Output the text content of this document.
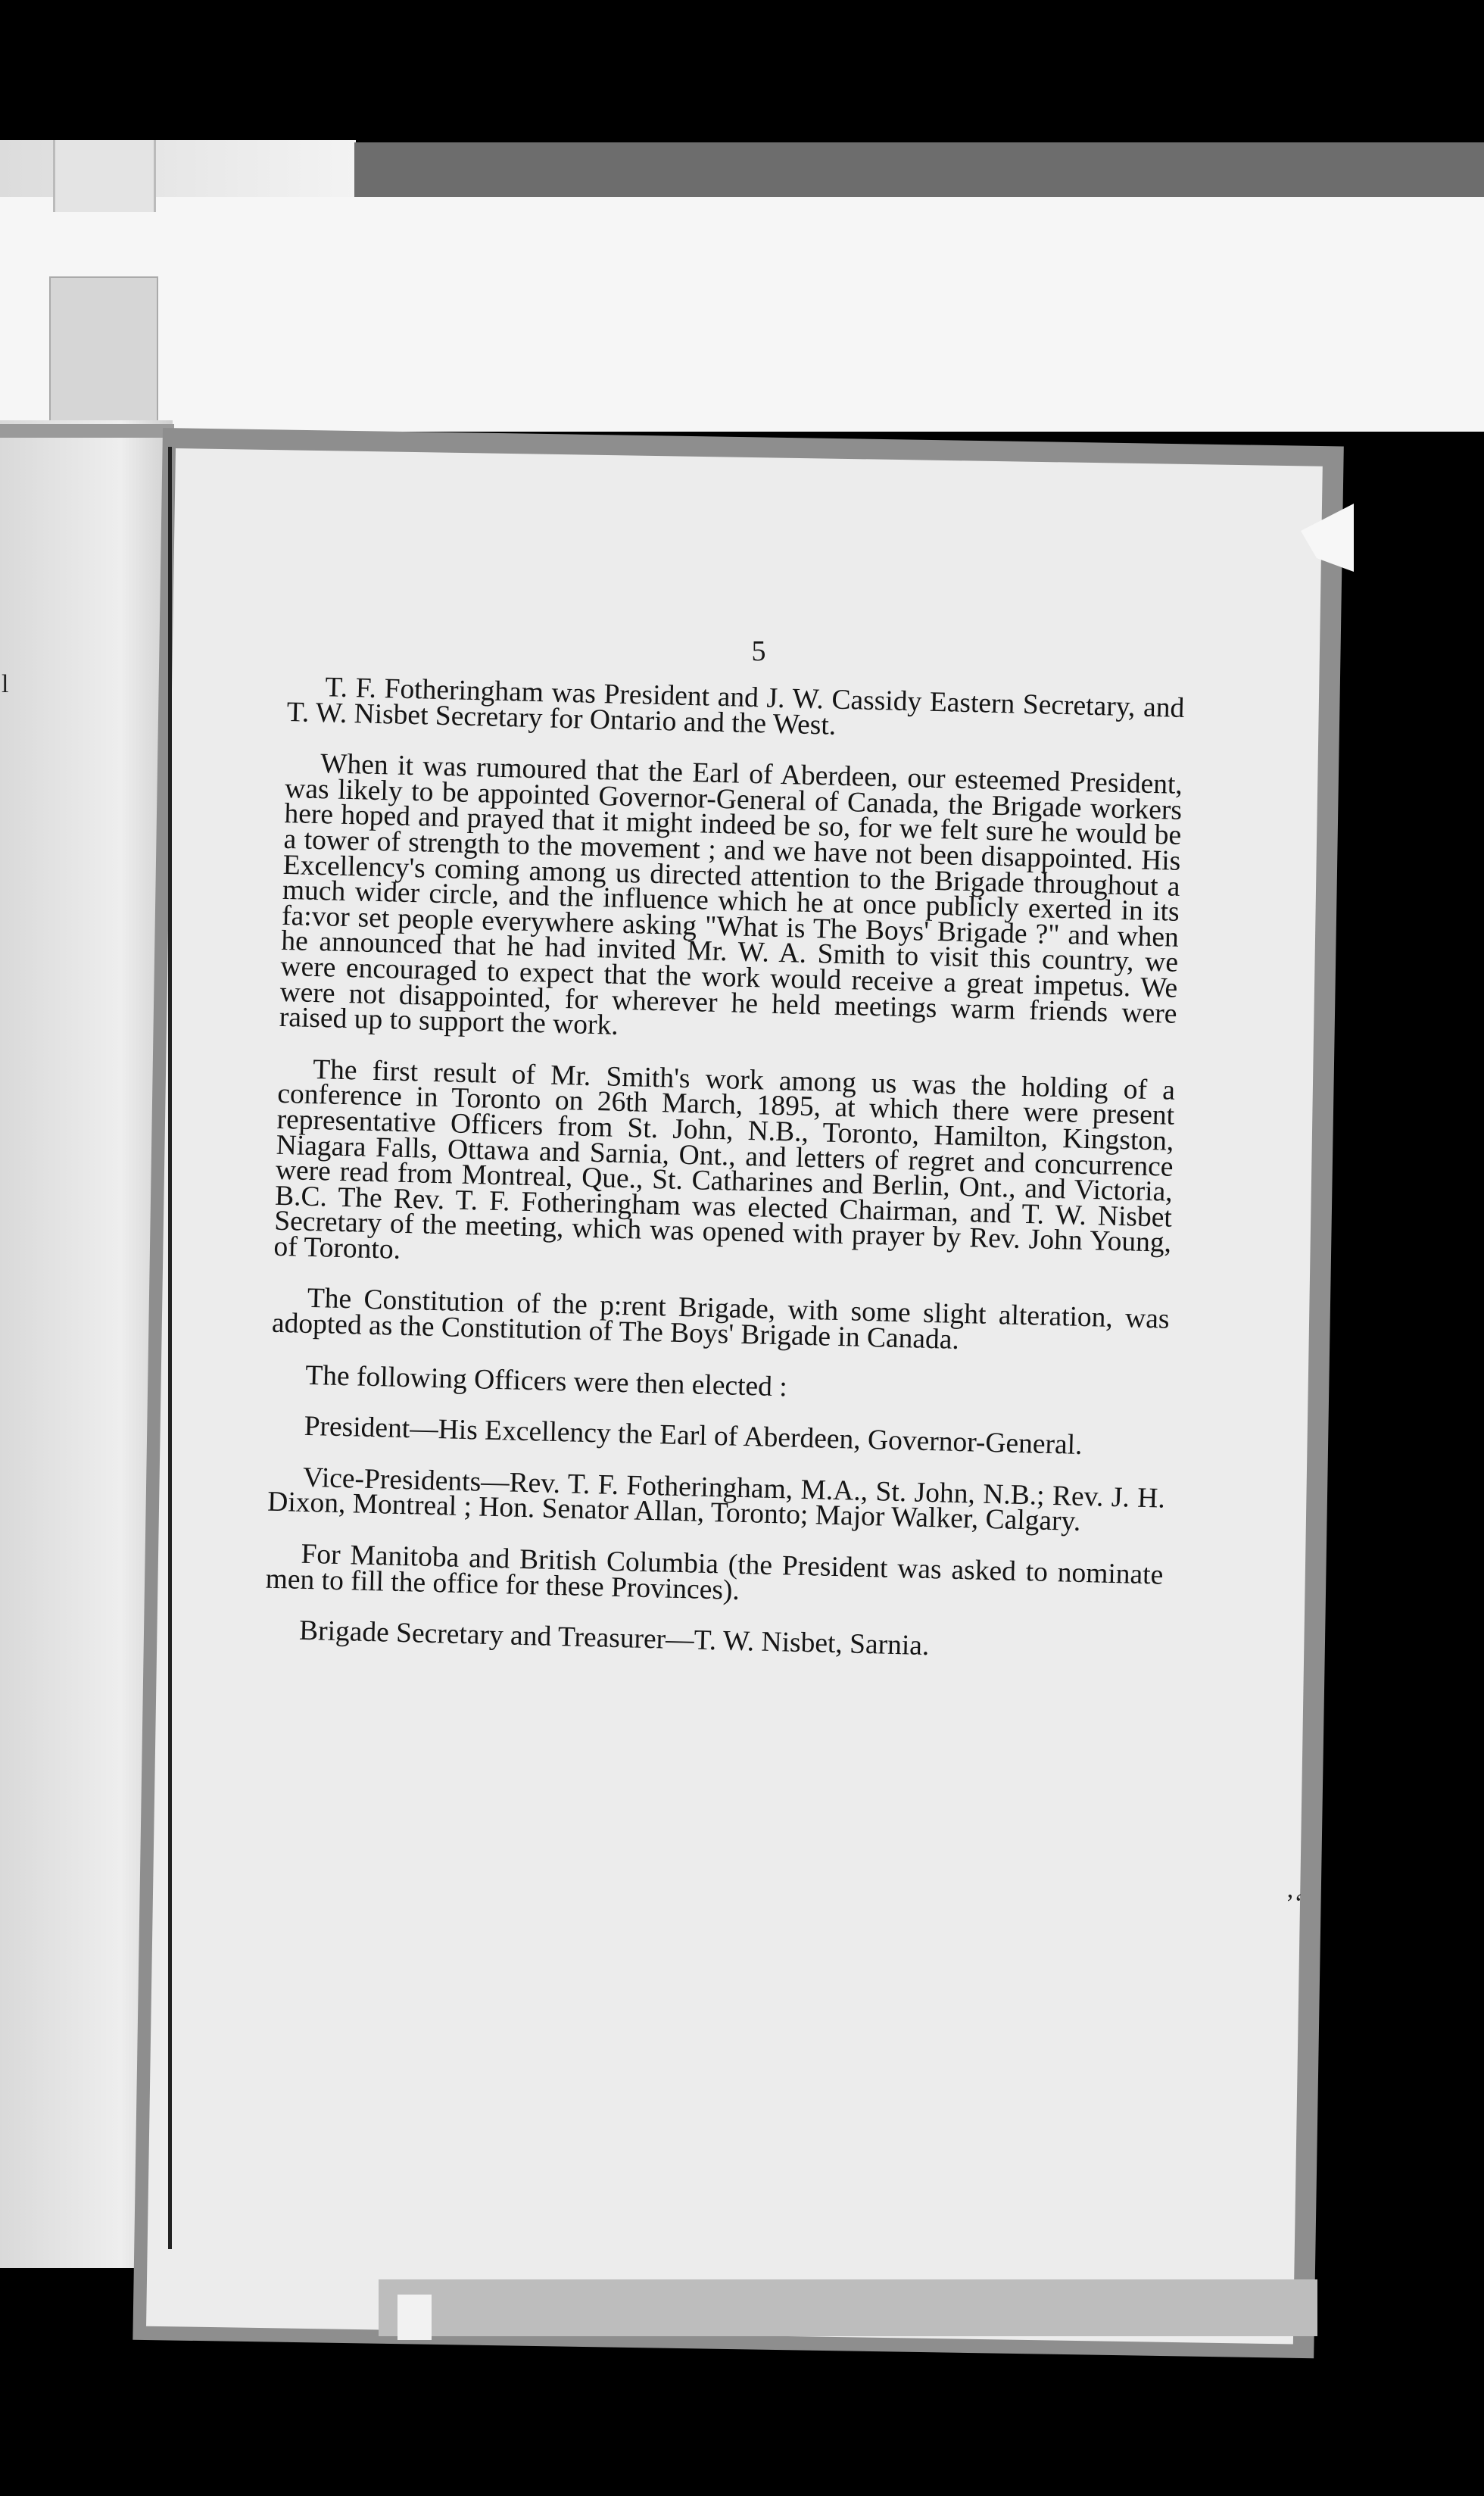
l
’‘
5

T. F. Fotheringham was President and J. W. Cassidy Eastern Secretary, and T. W. Nisbet Secretary for Ontario and the West.

When it was rumoured that the Earl of Aberdeen, our esteemed President, was likely to be appointed Governor-General of Canada, the Brigade workers here hoped and prayed that it might indeed be so, for we felt sure he would be a tower of strength to the movement ; and we have not been disappointed. His Excellency's coming among us directed attention to the Brigade throughout a much wider circle, and the influence which he at once publicly exerted in its fa:vor set people everywhere asking "What is The Boys' Brigade ?" and when he announced that he had invited Mr. W. A. Smith to visit this country, we were encouraged to expect that the work would receive a great impetus. We were not disappointed, for wherever he held meetings warm friends were raised up to support the work.

The first result of Mr. Smith's work among us was the holding of a conference in Toronto on 26th March, 1895, at which there were present representative Officers from St. John, N.B., Toronto, Hamilton, Kingston, Niagara Falls, Ottawa and Sarnia, Ont., and letters of regret and concurrence were read from Montreal, Que., St. Catharines and Berlin, Ont., and Victoria, B.C. The Rev. T. F. Fotheringham was elected Chairman, and T. W. Nisbet Secretary of the meeting, which was opened with prayer by Rev. John Young, of Toronto.

The Constitution of the p:rent Brigade, with some slight alteration, was adopted as the Constitution of The Boys' Brigade in Canada.

The following Officers were then elected :

President—His Excellency the Earl of Aberdeen, Governor-General.

Vice-Presidents—Rev. T. F. Fotheringham, M.A., St. John, N.B.; Rev. J. H. Dixon, Montreal ; Hon. Senator Allan, Toronto; Major Walker, Calgary.

For Manitoba and British Columbia (the President was asked to nominate men to fill the office for these Provinces).

Brigade Secretary and Treasurer—T. W. Nisbet, Sarnia.
